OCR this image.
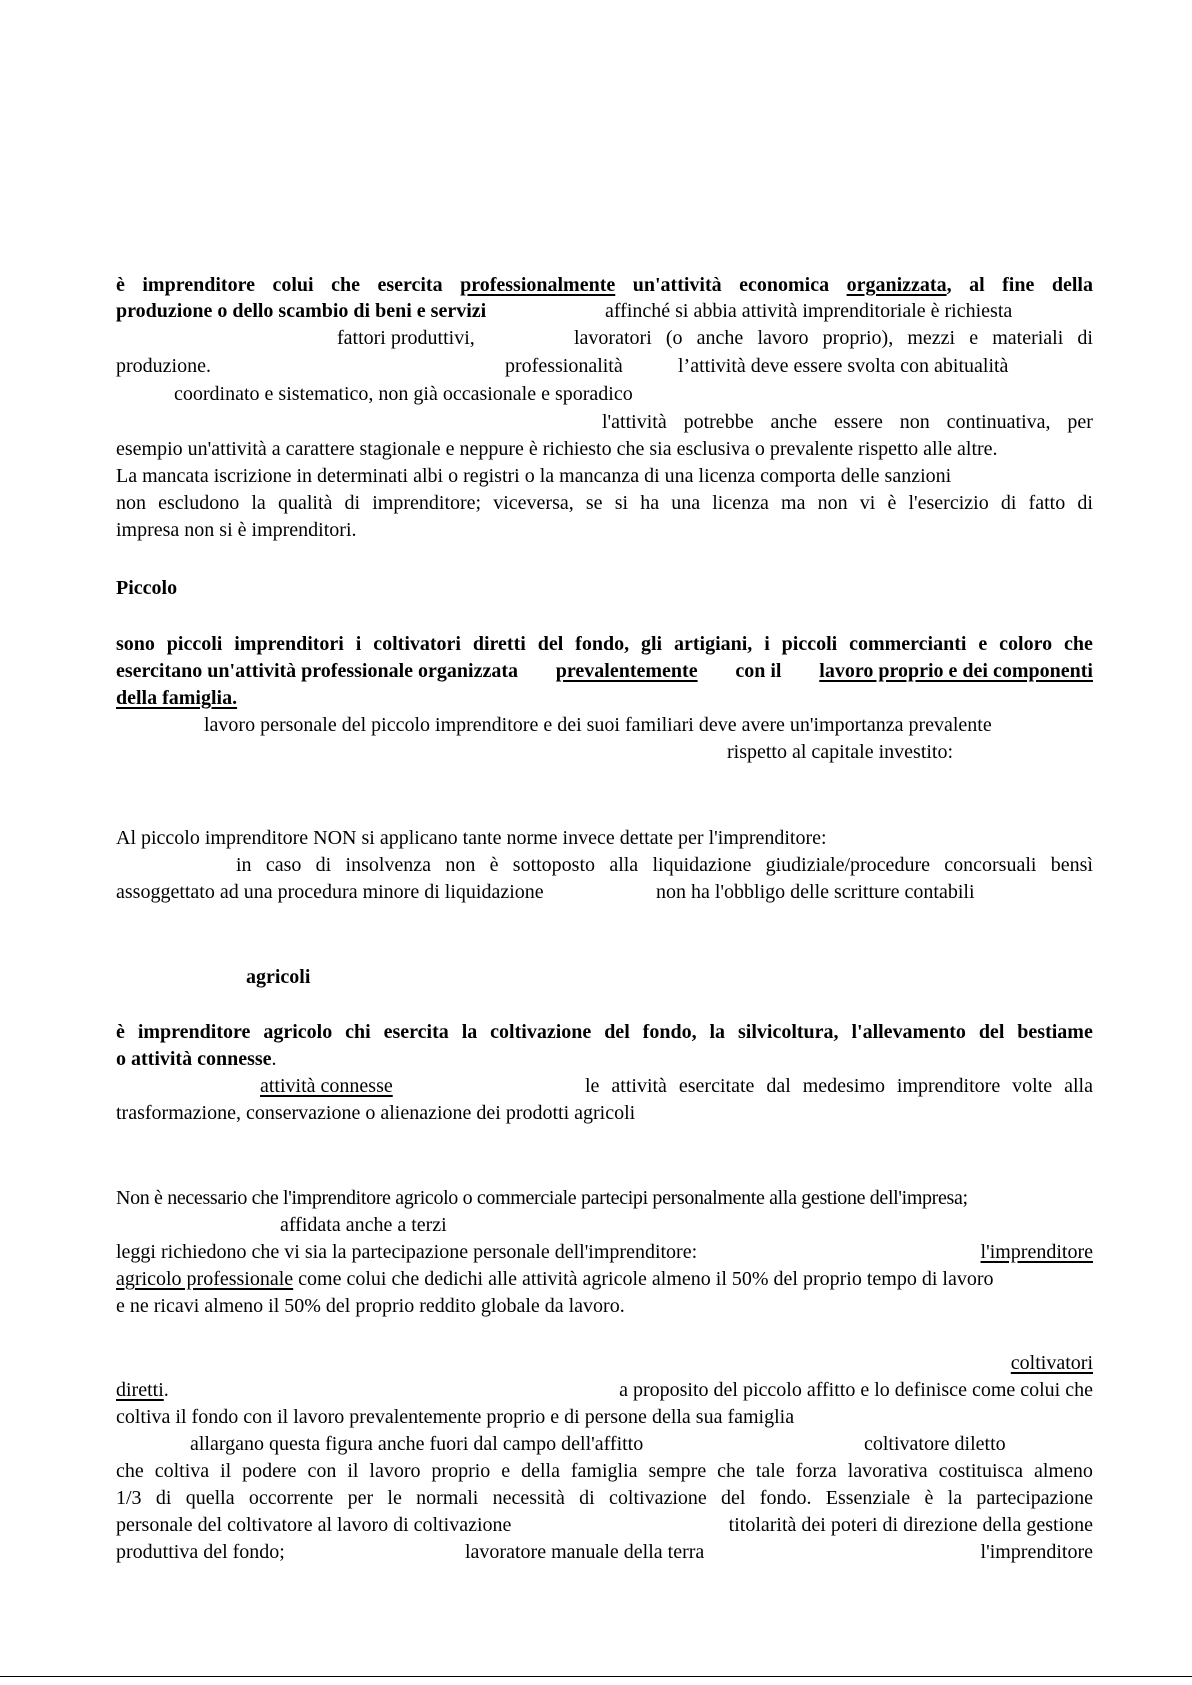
è imprenditore colui che esercita professionalmente un'attività economica organizzata, al fine della
produzione o dello scambio di beni e servizi	affinché si abbia attività imprenditoriale è richiesta
fattori produttivi,	lavoratori (o anche lavoro proprio), mezzi e materiali di
produzione.	professionalità	l’attività deve essere svolta con abitualità
coordinato e sistematico, non già occasionale e sporadico
l'attività potrebbe anche essere non continuativa, per
esempio un'attività a carattere stagionale e neppure è richiesto che sia esclusiva o prevalente rispetto alle altre.
La mancata iscrizione in determinati albi o registri o la mancanza di una licenza comporta delle sanzioni
non escludono la qualità di imprenditore; viceversa, se si ha una licenza ma non vi è l'esercizio di fatto di
impresa non si è imprenditori.
Piccolo
sono piccoli imprenditori i coltivatori diretti del fondo, gli artigiani, i piccoli commercianti e coloro che
esercitano un'attività professionale organizzata prevalentemente con il lavoro proprio e dei componenti
della famiglia.
lavoro personale del piccolo imprenditore e dei suoi familiari deve avere un'importanza prevalente
rispetto al capitale investito:
Al piccolo imprenditore NON si applicano tante norme invece dettate per l'imprenditore:
in caso di insolvenza non è sottoposto alla liquidazione giudiziale/procedure concorsuali bensì
assoggettato ad una procedura minore di liquidazione	non ha l'obbligo delle scritture contabili
agricoli
è imprenditore agricolo chi esercita la coltivazione del fondo, la silvicoltura, l'allevamento del bestiame
o attività connesse.
attività connesse	le attività esercitate dal medesimo imprenditore volte alla
trasformazione, conservazione o alienazione dei prodotti agricoli
Non è necessario che l'imprenditore agricolo o commerciale partecipi personalmente alla gestione dell'impresa;
affidata anche a terzi
leggi richiedono che vi sia la partecipazione personale dell'imprenditore:	l'imprenditore
agricolo professionale come colui che dedichi alle attività agricole almeno il 50% del proprio tempo di lavoro
e ne ricavi almeno il 50% del proprio reddito globale da lavoro.
coltivatori
diretti.	a proposito del piccolo affitto e lo definisce come colui che
coltiva il fondo con il lavoro prevalentemente proprio e di persone della sua famiglia
allargano questa figura anche fuori dal campo dell'affitto	coltivatore diletto
che coltiva il podere con il lavoro proprio e della famiglia sempre che tale forza lavorativa costituisca almeno
1/3 di quella occorrente per le normali necessità di coltivazione del fondo. Essenziale è la partecipazione
personale del coltivatore al lavoro di coltivazione	titolarità dei poteri di direzione della gestione
produttiva del fondo;	lavoratore manuale della terra	l'imprenditore
